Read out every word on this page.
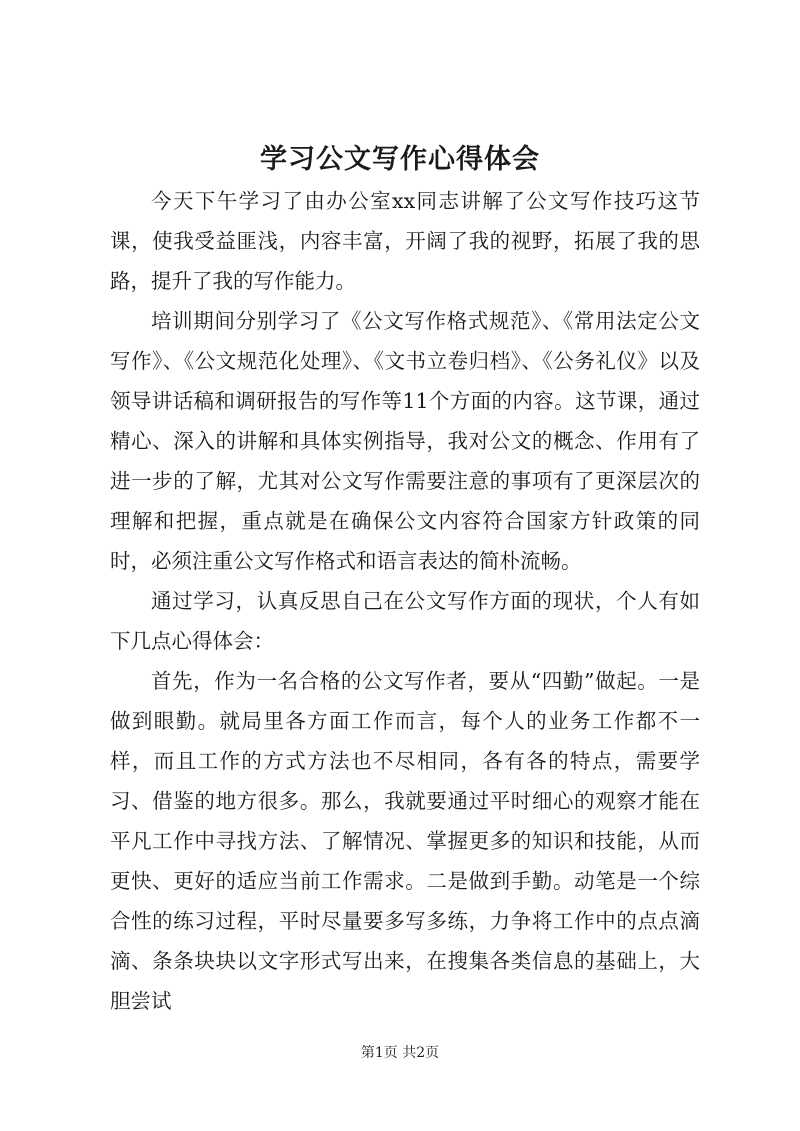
学习公文写作心得体会

今天下午学习了由办公室xx同志讲解了公文写作技巧这节课，使我受益匪浅，内容丰富，开阔了我的视野，拓展了我的思路，提升了我的写作能力。

培训期间分别学习了《公文写作格式规范》、《常用法定公文写作》、《公文规范化处理》、《文书立卷归档》、《公务礼仪》以及领导讲话稿和调研报告的写作等11个方面的内容。这节课，通过精心、深入的讲解和具体实例指导，我对公文的概念、作用有了进一步的了解，尤其对公文写作需要注意的事项有了更深层次的理解和把握，重点就是在确保公文内容符合国家方针政策的同时，必须注重公文写作格式和语言表达的简朴流畅。

通过学习，认真反思自己在公文写作方面的现状，个人有如下几点心得体会：

首先，作为一名合格的公文写作者，要从“四勤”做起。一是做到眼勤。就局里各方面工作而言，每个人的业务工作都不一样，而且工作的方式方法也不尽相同，各有各的特点，需要学习、借鉴的地方很多。那么，我就要通过平时细心的观察才能在平凡工作中寻找方法、了解情况、掌握更多的知识和技能，从而更快、更好的适应当前工作需求。二是做到手勤。动笔是一个综合性的练习过程，平时尽量要多写多练，力争将工作中的点点滴滴、条条块块以文字形式写出来，在搜集各类信息的基础上，大胆尝试

第1页 共2页
